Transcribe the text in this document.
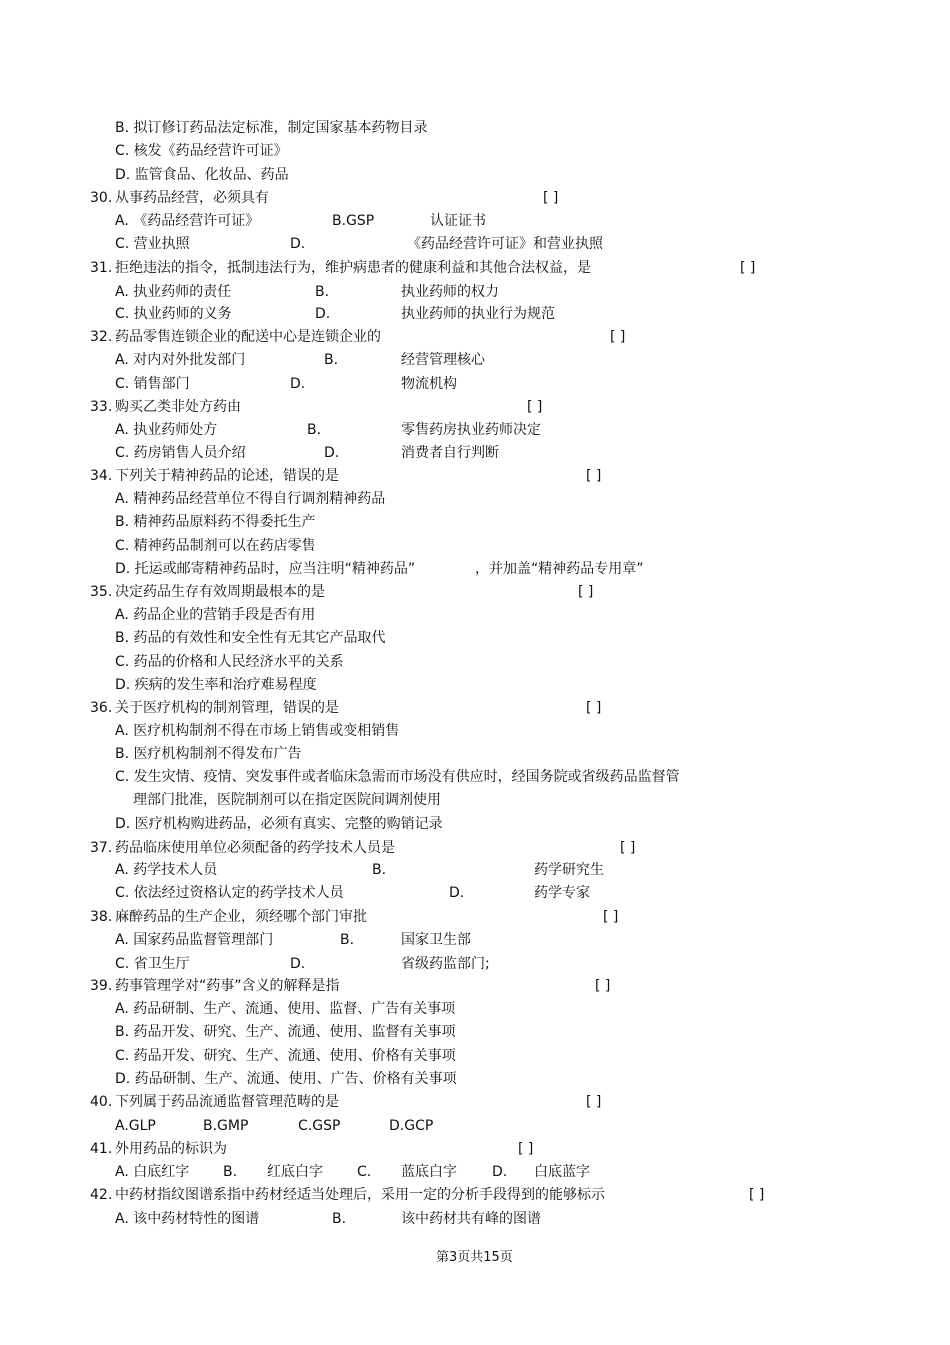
B. 拟订修订药品法定标准，制定国家基本药物目录
C. 核发《药品经营许可证》
D. 监管食品、化妆品、药品
30. 从事药品经营，必须具有	[ ]
A. 《药品经营许可证》	B.GSP	认证证书
C. 营业执照	D.	《药品经营许可证》和营业执照
31. 拒绝违法的指令，抵制违法行为，维护病患者的健康利益和其他合法权益，是	[ ]
A. 执业药师的责任	B.	执业药师的权力
C. 执业药师的义务	D.	执业药师的执业行为规范
32. 药品零售连锁企业的配送中心是连锁企业的	[ ]
A. 对内对外批发部门	B.	经营管理核心
C. 销售部门	D.	物流机构
33. 购买乙类非处方药由	[ ]
A. 执业药师处方	B.	零售药房执业药师决定
C. 药房销售人员介绍	D.	消费者自行判断
34. 下列关于精神药品的论述，错误的是	[ ]
A. 精神药品经营单位不得自行调剂精神药品
B. 精神药品原料药不得委托生产
C. 精神药品制剂可以在药店零售
D. 托运或邮寄精神药品时，应当注明“精神药品”	，并加盖“精神药品专用章”
35. 决定药品生存有效周期最根本的是	[ ]
A. 药品企业的营销手段是否有用
B. 药品的有效性和安全性有无其它产品取代
C. 药品的价格和人民经济水平的关系
D. 疾病的发生率和治疗难易程度
36. 关于医疗机构的制剂管理，错误的是	[ ]
A. 医疗机构制剂不得在市场上销售或变相销售
B. 医疗机构制剂不得发布广告
C. 发生灾情、疫情、突发事件或者临床急需而市场没有供应时，经国务院或省级药品监督管
理部门批准，医院制剂可以在指定医院间调剂使用
D. 医疗机构购进药品，必须有真实、完整的购销记录
37. 药品临床使用单位必须配备的药学技术人员是	[ ]
A. 药学技术人员	B.	药学研究生
C. 依法经过资格认定的药学技术人员	D.	药学专家
38. 麻醉药品的生产企业，须经哪个部门审批	[ ]
A. 国家药品监督管理部门	B.	国家卫生部
C. 省卫生厅	D.	省级药监部门;
39. 药事管理学对“药事”含义的解释是指	[ ]
A. 药品研制、生产、流通、使用、监督、广告有关事项
B. 药品开发、研究、生产、流通、使用、监督有关事项
C. 药品开发、研究、生产、流通、使用、价格有关事项
D. 药品研制、生产、流通、使用、广告、价格有关事项
40. 下列属于药品流通监督管理范畴的是	[ ]
A.GLP	B.GMP	C.GSP	D.GCP
41. 外用药品的标识为	[ ]
A. 白底红字 B. 红底白字 C. 蓝底白字	D. 白底蓝字
42. 中药材指纹图谱系指中药材经适当处理后，采用一定的分析手段得到的能够标示	[ ]
A. 该中药材特性的图谱	B.	该中药材共有峰的图谱
第3页共15页
